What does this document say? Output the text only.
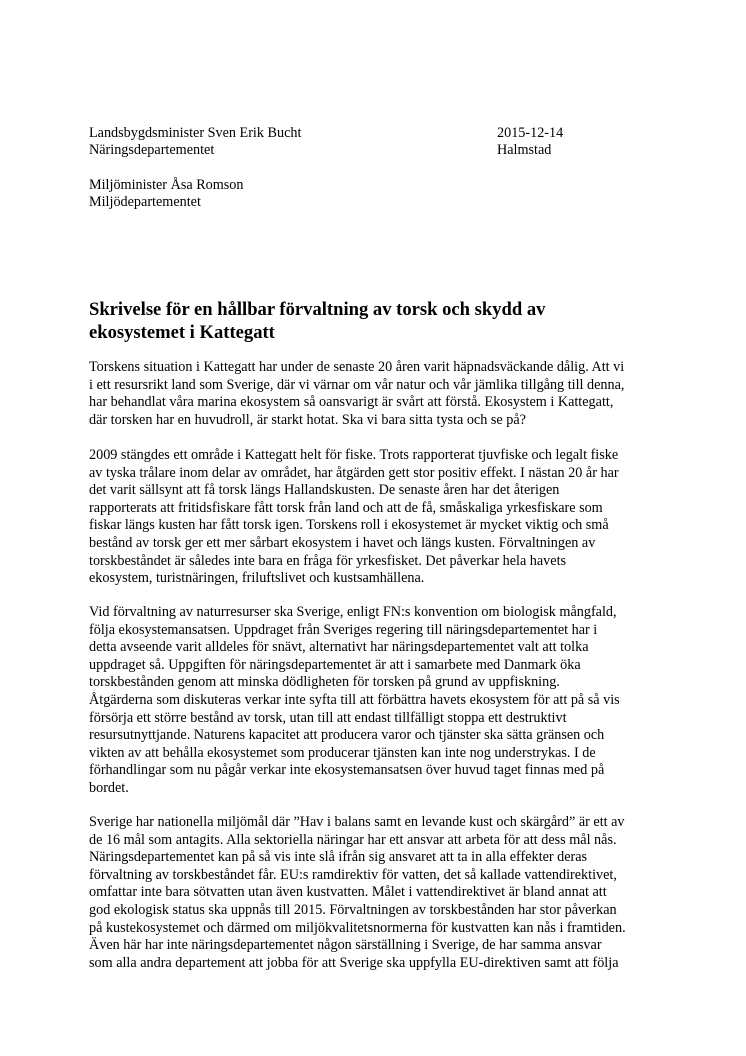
Landsbygdsminister Sven Erik Bucht
Näringsdepartementet
2015-12-14
Halmstad
Miljöminister Åsa Romson
Miljödepartementet
Skrivelse för en hållbar förvaltning av torsk och skydd av
ekosystemet i Kattegatt

Torskens situation i Kattegatt har under de senaste 20 åren varit häpnadsväckande dålig. Att vi

i ett resursrikt land som Sverige, där vi värnar om vår natur och vår jämlika tillgång till denna,

har behandlat våra marina ekosystem så oansvarigt är svårt att förstå. Ekosystem i Kattegatt,

där torsken har en huvudroll, är starkt hotat. Ska vi bara sitta tysta och se på?

2009 stängdes ett område i Kattegatt helt för fiske. Trots rapporterat tjuvfiske och legalt fiske

av tyska trålare inom delar av området, har åtgärden gett stor positiv effekt. I nästan 20 år har

det varit sällsynt att få torsk längs Hallandskusten. De senaste åren har det återigen

rapporterats att fritidsfiskare fått torsk från land och att de få, småskaliga yrkesfiskare som

fiskar längs kusten har fått torsk igen. Torskens roll i ekosystemet är mycket viktig och små

bestånd av torsk ger ett mer sårbart ekosystem i havet och längs kusten. Förvaltningen av

torskbeståndet är således inte bara en fråga för yrkesfisket. Det påverkar hela havets

ekosystem, turistnäringen, friluftslivet och kustsamhällena.

Vid förvaltning av naturresurser ska Sverige, enligt FN:s konvention om biologisk mångfald,

följa ekosystemansatsen. Uppdraget från Sveriges regering till näringsdepartementet har i

detta avseende varit alldeles för snävt, alternativt har näringsdepartementet valt att tolka

uppdraget så. Uppgiften för näringsdepartementet är att i samarbete med Danmark öka

torskbestånden genom att minska dödligheten för torsken på grund av uppfiskning.

Åtgärderna som diskuteras verkar inte syfta till att förbättra havets ekosystem för att på så vis

försörja ett större bestånd av torsk, utan till att endast tillfälligt stoppa ett destruktivt

resursutnyttjande. Naturens kapacitet att producera varor och tjänster ska sätta gränsen och

vikten av att behålla ekosystemet som producerar tjänsten kan inte nog understrykas. I de

förhandlingar som nu pågår verkar inte ekosystemansatsen över huvud taget finnas med på

bordet.

Sverige har nationella miljömål där ”Hav i balans samt en levande kust och skärgård” är ett av

de 16 mål som antagits. Alla sektoriella näringar har ett ansvar att arbeta för att dess mål nås.

Näringsdepartementet kan på så vis inte slå ifrån sig ansvaret att ta in alla effekter deras

förvaltning av torskbeståndet får. EU:s ramdirektiv för vatten, det så kallade vattendirektivet,

omfattar inte bara sötvatten utan även kustvatten. Målet i vattendirektivet är bland annat att

god ekologisk status ska uppnås till 2015. Förvaltningen av torskbestånden har stor påverkan

på kustekosystemet och därmed om miljökvalitetsnormerna för kustvatten kan nås i framtiden.

Även här har inte näringsdepartementet någon särställning i Sverige, de har samma ansvar

som alla andra departement att jobba för att Sverige ska uppfylla EU-direktiven samt att följa
